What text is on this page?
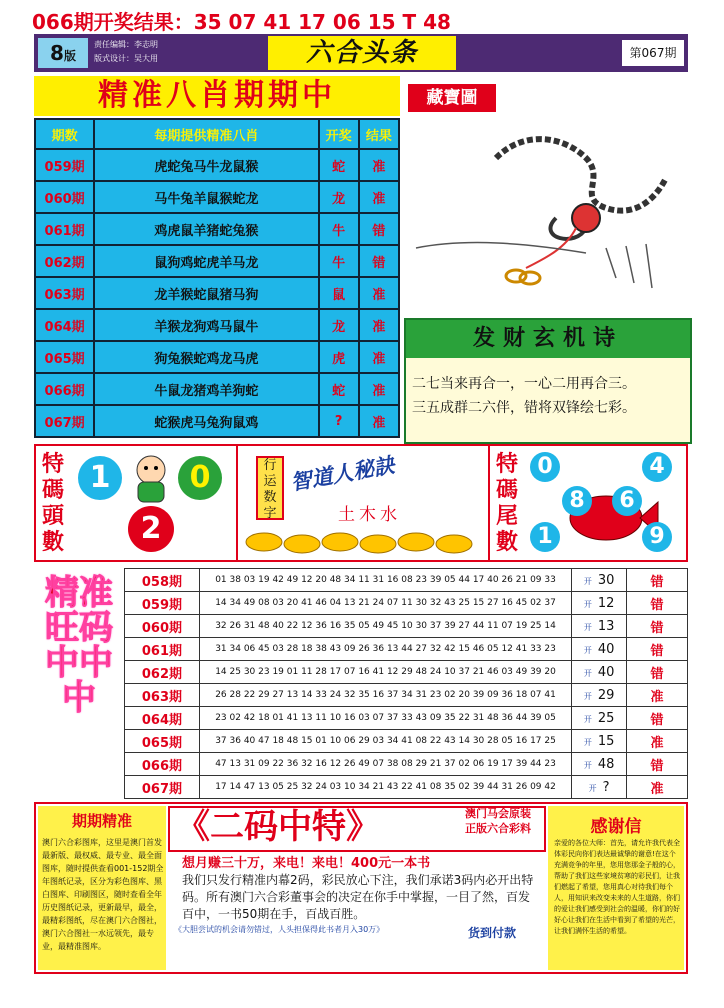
066期开奖结果：35 07 41 17 06 15 T 48
8版
责任编辑：李志明
版式设计：吴大用	六合头条	第067期
精准八肖期期中	藏寶圖
期数	每期提供精准八肖	开奖	结果
059期	虎蛇兔马牛龙鼠猴	蛇	准
060期	马牛兔羊鼠猴蛇龙	龙	准
061期	鸡虎鼠羊猪蛇兔猴	牛	错
062期	鼠狗鸡蛇虎羊马龙	牛	错
063期	龙羊猴蛇鼠猪马狗	鼠	准
064期	羊猴龙狗鸡马鼠牛	龙	准
065期	狗兔猴蛇鸡龙马虎	虎	准
066期	牛鼠龙猪鸡羊狗蛇	蛇	准
067期	蛇猴虎马兔狗鼠鸡	?	准
发财玄机诗
二七当来再合一，一心二用再合三。
三五成群二六伴，错将双锋绘七彩。
特碼頭數
1	0
2
行运数字
智道人秘訣
土木水
特碼尾數
0	4
8	6
1	9
精准旺码中中中
058期	01 38 03 19 42 49 12 20 48 34 11 31 16 08 23 39 05 44 17 40 26 21 09 33	开 30	错
059期	14 34 49 08 03 20 41 46 04 13 21 24 07 11 30 32 43 25 15 27 16 45 02 37	开 12	错
060期	32 26 31 48 40 22 12 36 16 35 05 49 45 10 30 37 39 27 44 11 07 19 25 14	开 13	错
061期	31 34 06 45 03 28 18 38 43 09 26 36 13 44 27 32 42 15 46 05 12 41 33 23	开 40	错
062期	14 25 30 23 19 01 11 28 17 07 16 41 12 29 48 24 10 37 21 46 03 49 39 20	开 40	错
063期	26 28 22 29 27 13 14 33 24 32 35 16 37 34 31 23 02 20 39 09 36 18 07 41	开 29	准
064期	23 02 42 18 01 41 13 11 10 16 03 07 37 33 43 09 35 22 31 48 36 44 39 05	开 25	错
065期	37 36 40 47 18 48 15 01 10 06 29 03 34 41 08 22 43 14 30 28 05 16 17 25	开 15	准
066期	47 13 31 09 22 36 32 16 12 26 49 07 38 08 29 21 37 02 06 19 17 39 44 23	开 48	错
067期	17 14 47 13 05 25 32 24 03 10 34 21 43 22 41 08 35 02 39 44 31 26 09 42	开 ?	准
期期精准
澳门六合彩图库，这里是澳门首发最新版、最权威、最专业、最全面图库，随时提供查看001-152期全年图纸记录，区分为彩色图库、黑白图库、印刷图区，随时查看全年历史图纸记录，更新最早，最全，最精彩图纸，尽在澳门六合图社，澳门六合图社一水远领先，最专业，最精准图库。
《二码中特》	澳门马会原装
正版六合彩料
想月赚三十万，来电！来电！400元一本书
我们只发行精准内幕2码，彩民放心下注，我们承诺3码内必开出特码。所有澳门六合彩董事会的决定在你手中掌握，一目了然，百发百中，一书50期在手，百战百胜。
《大胆尝试的机会请勿错过，人头担保得此书者月入30万》	货到付款
感谢信
亲爱的各位大师：首先，请允许我代表全体彩民向你们表达最诚挚的谢意!在这个充满竞争的年里，您用您那金子般的心，帮助了我们这些家境贫寒的彩民们，让我们燃起了希望，您用真心对待我们每个人，用知识来改变未来的人生道路，你们的爱让我们感受到社会的温暖，你们的好好心让我们在生活中看到了希望的光芒，让我们满怀生活的希望。
